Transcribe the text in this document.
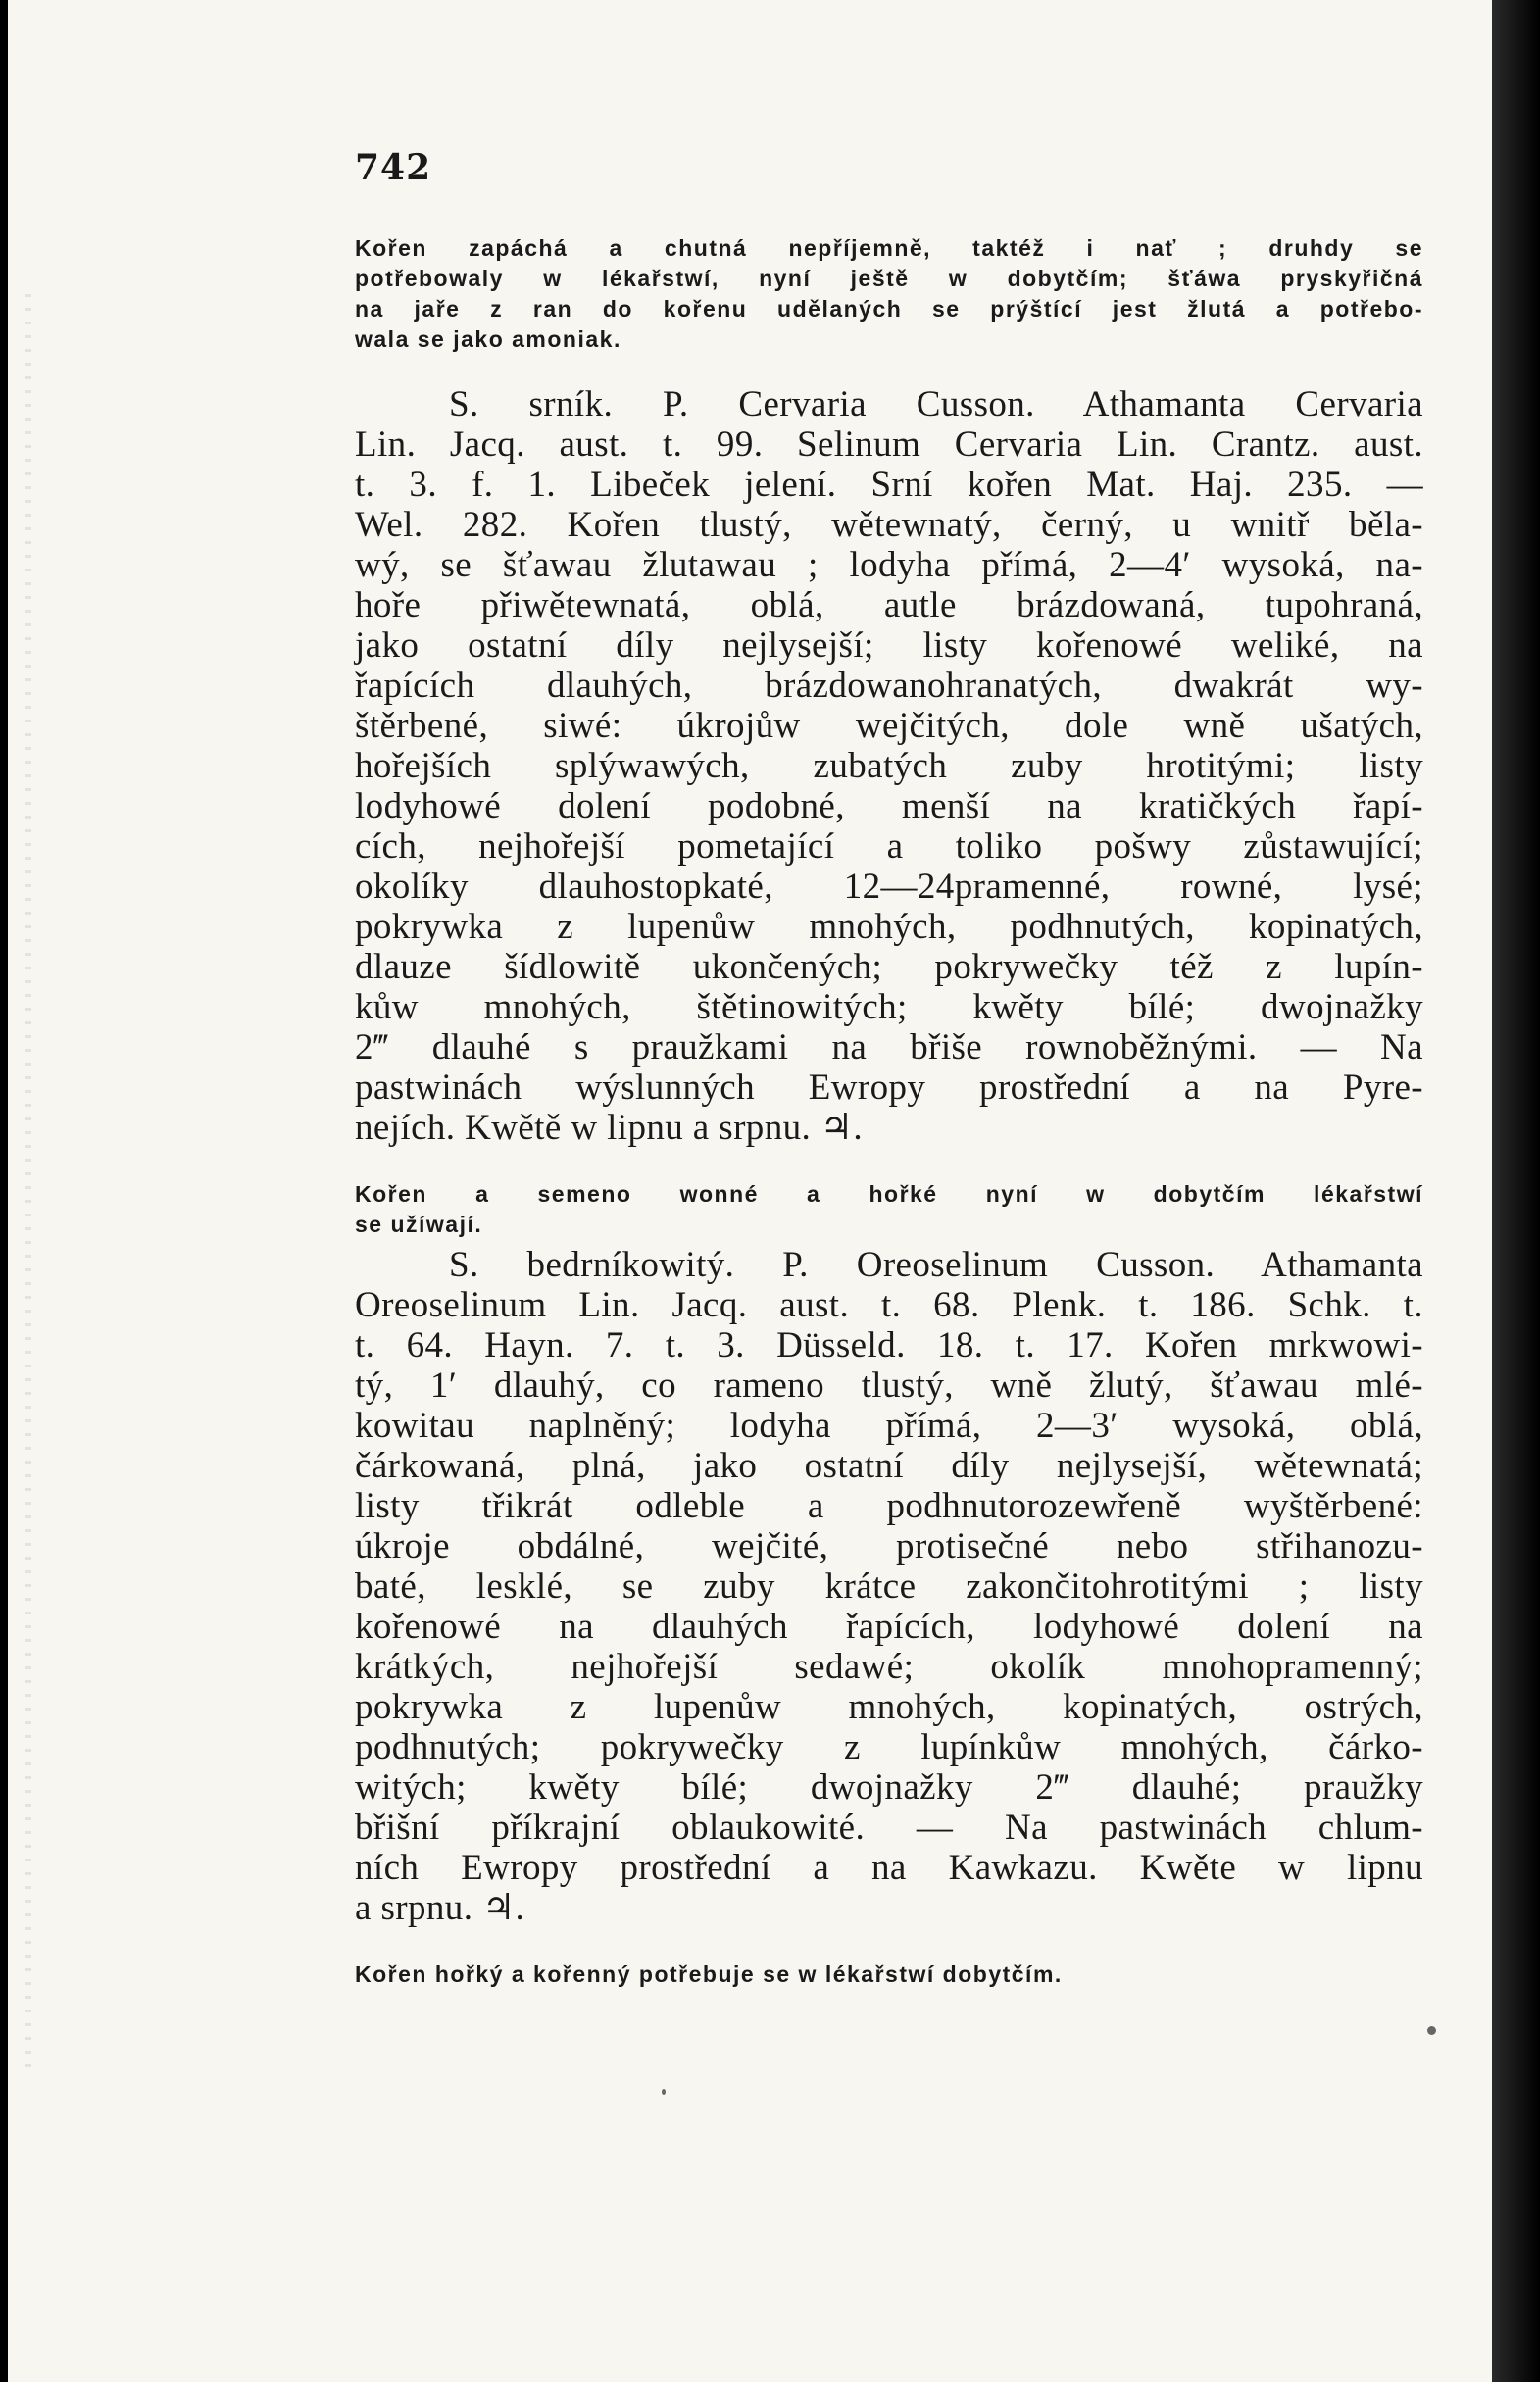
742

Kořen zapáchá a chutná nepříjemně, taktéž i nať ; druhdy se
potřebowaly w lékařstwí, nyní ještě w dobytčím; šťáwa pryskyřičná
na jaře z ran do kořenu udělaných se prýštící jest žlutá a potřebo-
wala se jako amoniak.

S. srník. P. Cervaria Cusson. Athamanta Cervaria
Lin. Jacq. aust. t. 99. Selinum Cervaria Lin. Crantz. aust.
t. 3. f. 1. Libeček jelení. Srní kořen Mat. Haj. 235. —
Wel. 282. Kořen tlustý, wětewnatý, černý, u wnitř běla-
wý, se šťawau žlutawau ; lodyha přímá, 2—4′ wysoká, na-
hoře přiwětewnatá, oblá, autle brázdowaná, tupohraná,
jako ostatní díly nejlysejší; listy kořenowé weliké, na
řapících dlauhých, brázdowanohranatých, dwakrát wy-
štěrbené, siwé: úkrojůw wejčitých, dole wně ušatých,
hořejších splýwawých, zubatých zuby hrotitými; listy
lodyhowé dolení podobné, menší na kratičkých řapí-
cích, nejhořejší pometající a toliko pošwy zůstawující;
okolíky dlauhostopkaté, 12—24pramenné, rowné, lysé;
pokrywka z lupenůw mnohých, podhnutých, kopinatých,
dlauze šídlowitě ukončených; pokrywečky též z lupín-
kůw mnohých, štětinowitých; kwěty bílé; dwojnažky
2‴ dlauhé s praužkami na břiše rownoběžnými. — Na
pastwinách wýslunných Ewropy prostřední a na Pyre-
nejích. Kwětě w lipnu a srpnu. ♃.

Kořen a semeno wonné a hořké nyní w dobytčím lékařstwí
se užíwají.

S. bedrníkowitý. P. Oreoselinum Cusson. Athamanta
Oreoselinum Lin. Jacq. aust. t. 68. Plenk. t. 186. Schk. t.
t. 64. Hayn. 7. t. 3. Düsseld. 18. t. 17. Kořen mrkwowi-
tý, 1′ dlauhý, co rameno tlustý, wně žlutý, šťawau mlé-
kowitau naplněný; lodyha přímá, 2—3′ wysoká, oblá,
čárkowaná, plná, jako ostatní díly nejlysejší, wětewnatá;
listy třikrát odleble a podhnutorozewřeně wyštěrbené:
úkroje obdálné, wejčité, protisečné nebo střihanozu-
baté, lesklé, se zuby krátce zakončitohrotitými ; listy
kořenowé na dlauhých řapících, lodyhowé dolení na
krátkých, nejhořejší sedawé; okolík mnohopramenný;
pokrywka z lupenůw mnohých, kopinatých, ostrých,
podhnutých; pokrywečky z lupínkůw mnohých, čárko-
witých; kwěty bílé; dwojnažky 2‴ dlauhé; praužky
břišní příkrajní oblaukowité. — Na pastwinách chlum-
ních Ewropy prostřední a na Kawkazu. Kwěte w lipnu
a srpnu. ♃.

Kořen hořký a kořenný potřebuje se w lékařstwí dobytčím.
